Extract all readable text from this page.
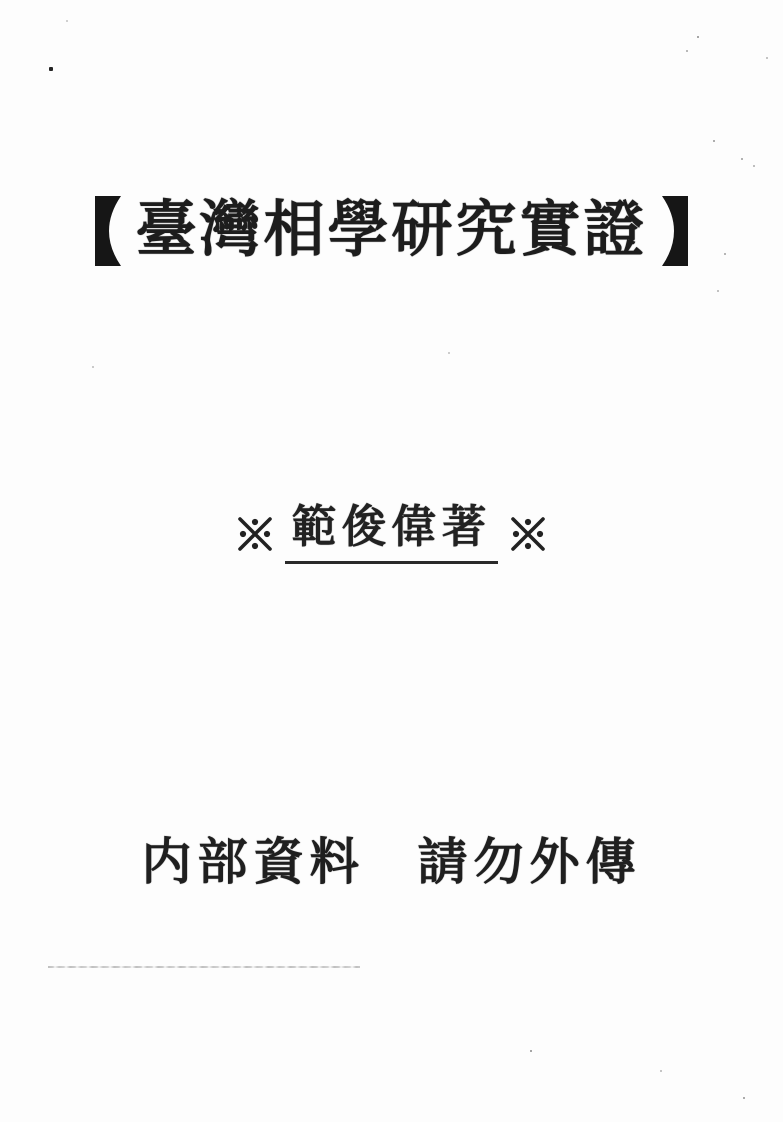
臺灣相學研究實證
範俊偉著
内部資料 請勿外傳
